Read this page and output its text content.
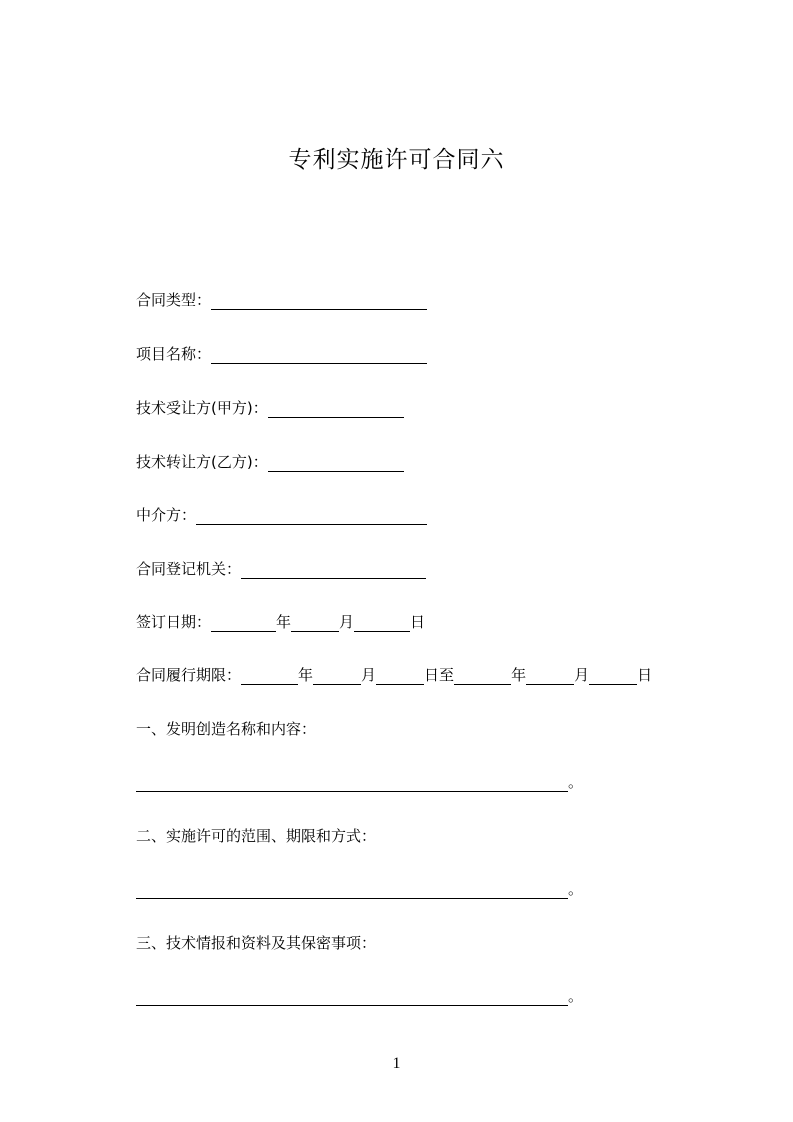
专利实施许可合同六
合同类型：
项目名称：
技术受让方(甲方)：
技术转让方(乙方)：
中介方：
合同登记机关：
签订日期：	年	月	日
合同履行期限：	年	月	日至	年	月	日
一、发明创造名称和内容：
。
二、实施许可的范围、期限和方式：
。
三、技术情报和资料及其保密事项：
。
1
